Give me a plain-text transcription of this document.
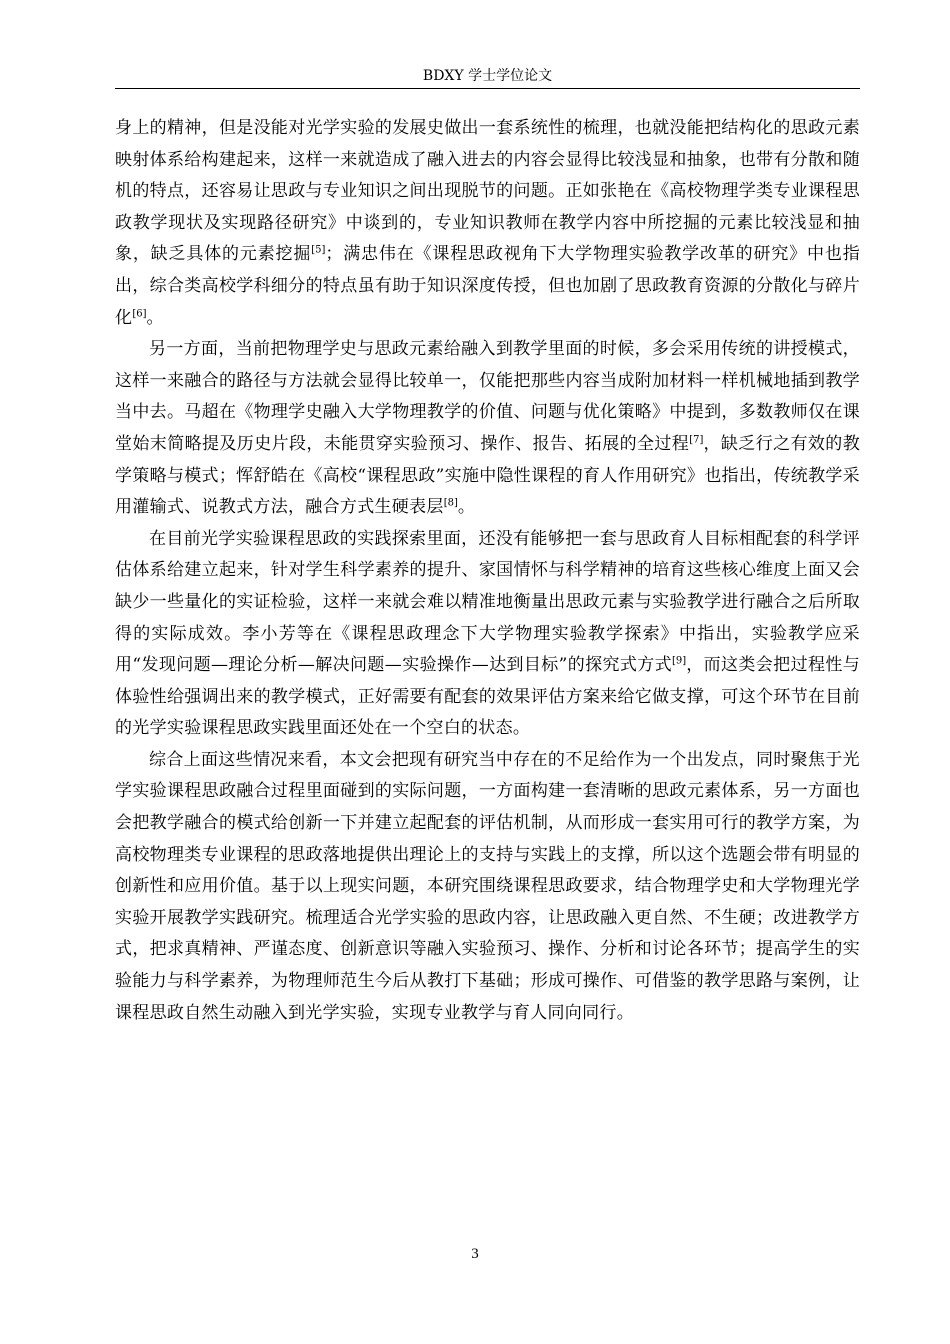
BDXY 学士学位论文

身上的精神，但是没能对光学实验的发展史做出一套系统性的梳理，也就没能把结构化的思政元素映射体系给构建起来，这样一来就造成了融入进去的内容会显得比较浅显和抽象，也带有分散和随机的特点，还容易让思政与专业知识之间出现脱节的问题。正如张艳在《高校物理学类专业课程思政教学现状及实现路径研究》中谈到的，专业知识教师在教学内容中所挖掘的元素比较浅显和抽象，缺乏具体的元素挖掘[5]；满忠伟在《课程思政视角下大学物理实验教学改革的研究》中也指出，综合类高校学科细分的特点虽有助于知识深度传授，但也加剧了思政教育资源的分散化与碎片化[6]。

另一方面，当前把物理学史与思政元素给融入到教学里面的时候，多会采用传统的讲授模式，这样一来融合的路径与方法就会显得比较单一，仅能把那些内容当成附加材料一样机械地插到教学当中去。马超在《物理学史融入大学物理教学的价值、问题与优化策略》中提到，多数教师仅在课堂始末简略提及历史片段，未能贯穿实验预习、操作、报告、拓展的全过程[7]，缺乏行之有效的教学策略与模式；恽舒皓在《高校“课程思政”实施中隐性课程的育人作用研究》也指出，传统教学采用灌输式、说教式方法，融合方式生硬表层[8]。

在目前光学实验课程思政的实践探索里面，还没有能够把一套与思政育人目标相配套的科学评估体系给建立起来，针对学生科学素养的提升、家国情怀与科学精神的培育这些核心维度上面又会缺少一些量化的实证检验，这样一来就会难以精准地衡量出思政元素与实验教学进行融合之后所取得的实际成效。李小芳等在《课程思政理念下大学物理实验教学探索》中指出，实验教学应采用“发现问题—理论分析—解决问题—实验操作—达到目标”的探究式方式[9]，而这类会把过程性与体验性给强调出来的教学模式，正好需要有配套的效果评估方案来给它做支撑，可这个环节在目前的光学实验课程思政实践里面还处在一个空白的状态。

综合上面这些情况来看，本文会把现有研究当中存在的不足给作为一个出发点，同时聚焦于光学实验课程思政融合过程里面碰到的实际问题，一方面构建一套清晰的思政元素体系，另一方面也会把教学融合的模式给创新一下并建立起配套的评估机制，从而形成一套实用可行的教学方案，为高校物理类专业课程的思政落地提供出理论上的支持与实践上的支撑，所以这个选题会带有明显的创新性和应用价值。基于以上现实问题，本研究围绕课程思政要求，结合物理学史和大学物理光学实验开展教学实践研究。梳理适合光学实验的思政内容，让思政融入更自然、不生硬；改进教学方式，把求真精神、严谨态度、创新意识等融入实验预习、操作、分析和讨论各环节；提高学生的实验能力与科学素养，为物理师范生今后从教打下基础；形成可操作、可借鉴的教学思路与案例，让课程思政自然生动融入到光学实验，实现专业教学与育人同向同行。

3
